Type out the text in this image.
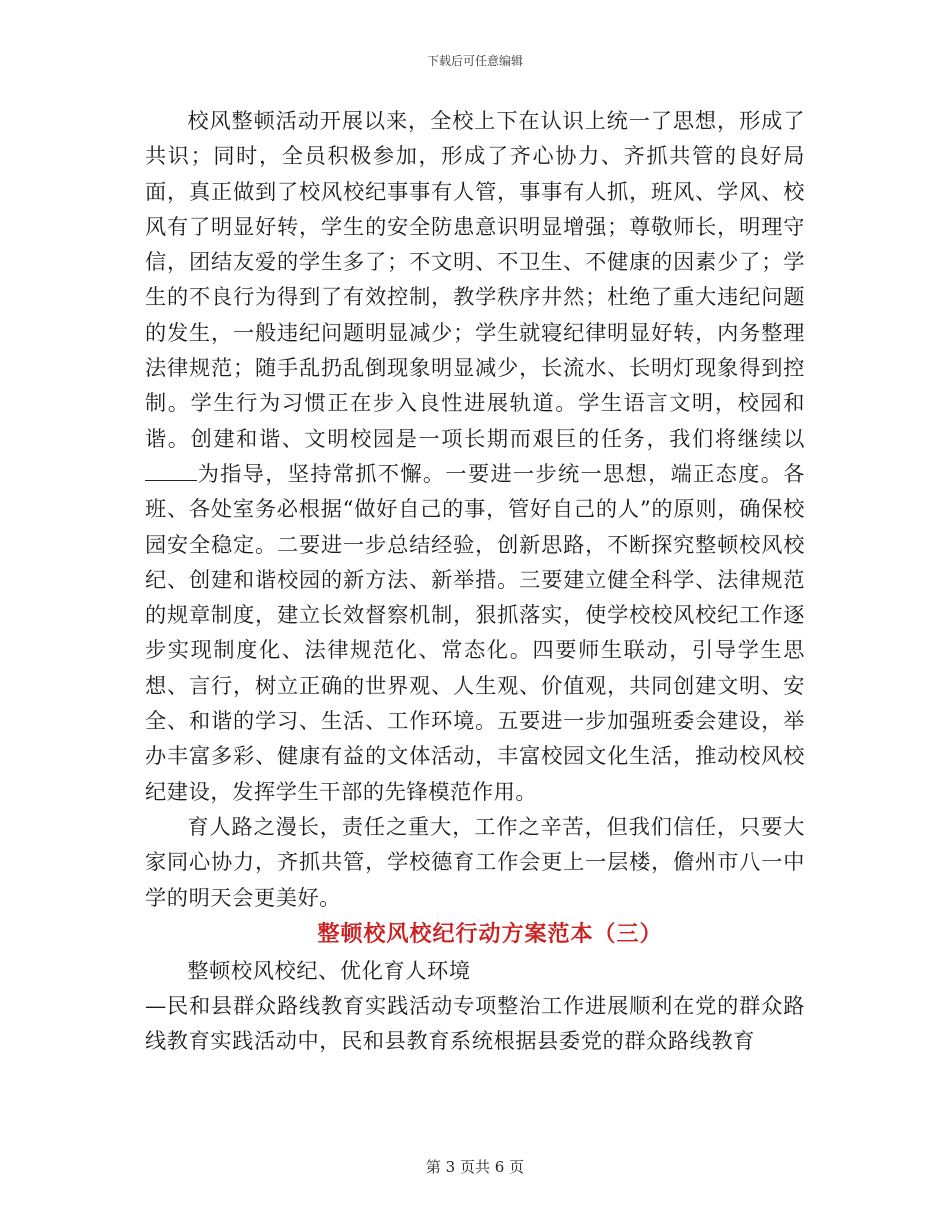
下载后可任意编辑

校风整顿活动开展以来，全校上下在认识上统一了思想，形成了共识；同时，全员积极参加，形成了齐心协力、齐抓共管的良好局面，真正做到了校风校纪事事有人管，事事有人抓，班风、学风、校风有了明显好转，学生的安全防患意识明显增强；尊敬师长，明理守信，团结友爱的学生多了；不文明、不卫生、不健康的因素少了；学生的不良行为得到了有效控制，教学秩序井然；杜绝了重大违纪问题的发生，一般违纪问题明显减少；学生就寝纪律明显好转，内务整理法律规范；随手乱扔乱倒现象明显减少，长流水、长明灯现象得到控制。学生行为习惯正在步入良性进展轨道。学生语言文明，校园和谐。创建和谐、文明校园是一项长期而艰巨的任务，我们将继续以为指导，坚持常抓不懈。一要进一步统一思想，端正态度。各班、各处室务必根据“做好自己的事，管好自己的人”的原则，确保校园安全稳定。二要进一步总结经验，创新思路，不断探究整顿校风校纪、创建和谐校园的新方法、新举措。三要建立健全科学、法律规范的规章制度，建立长效督察机制，狠抓落实，使学校校风校纪工作逐步实现制度化、法律规范化、常态化。四要师生联动，引导学生思想、言行，树立正确的世界观、人生观、价值观，共同创建文明、安全、和谐的学习、生活、工作环境。五要进一步加强班委会建设，举办丰富多彩、健康有益的文体活动，丰富校园文化生活，推动校风校纪建设，发挥学生干部的先锋模范作用。

育人路之漫长，责任之重大，工作之辛苦，但我们信任，只要大家同心协力，齐抓共管，学校德育工作会更上一层楼，儋州市八一中学的明天会更美好。

整顿校风校纪行动方案范本（三）

整顿校风校纪、优化育人环境

—民和县群众路线教育实践活动专项整治工作进展顺利在党的群众路线教育实践活动中，民和县教育系统根据县委党的群众路线教育

第 3 页共 6 页
